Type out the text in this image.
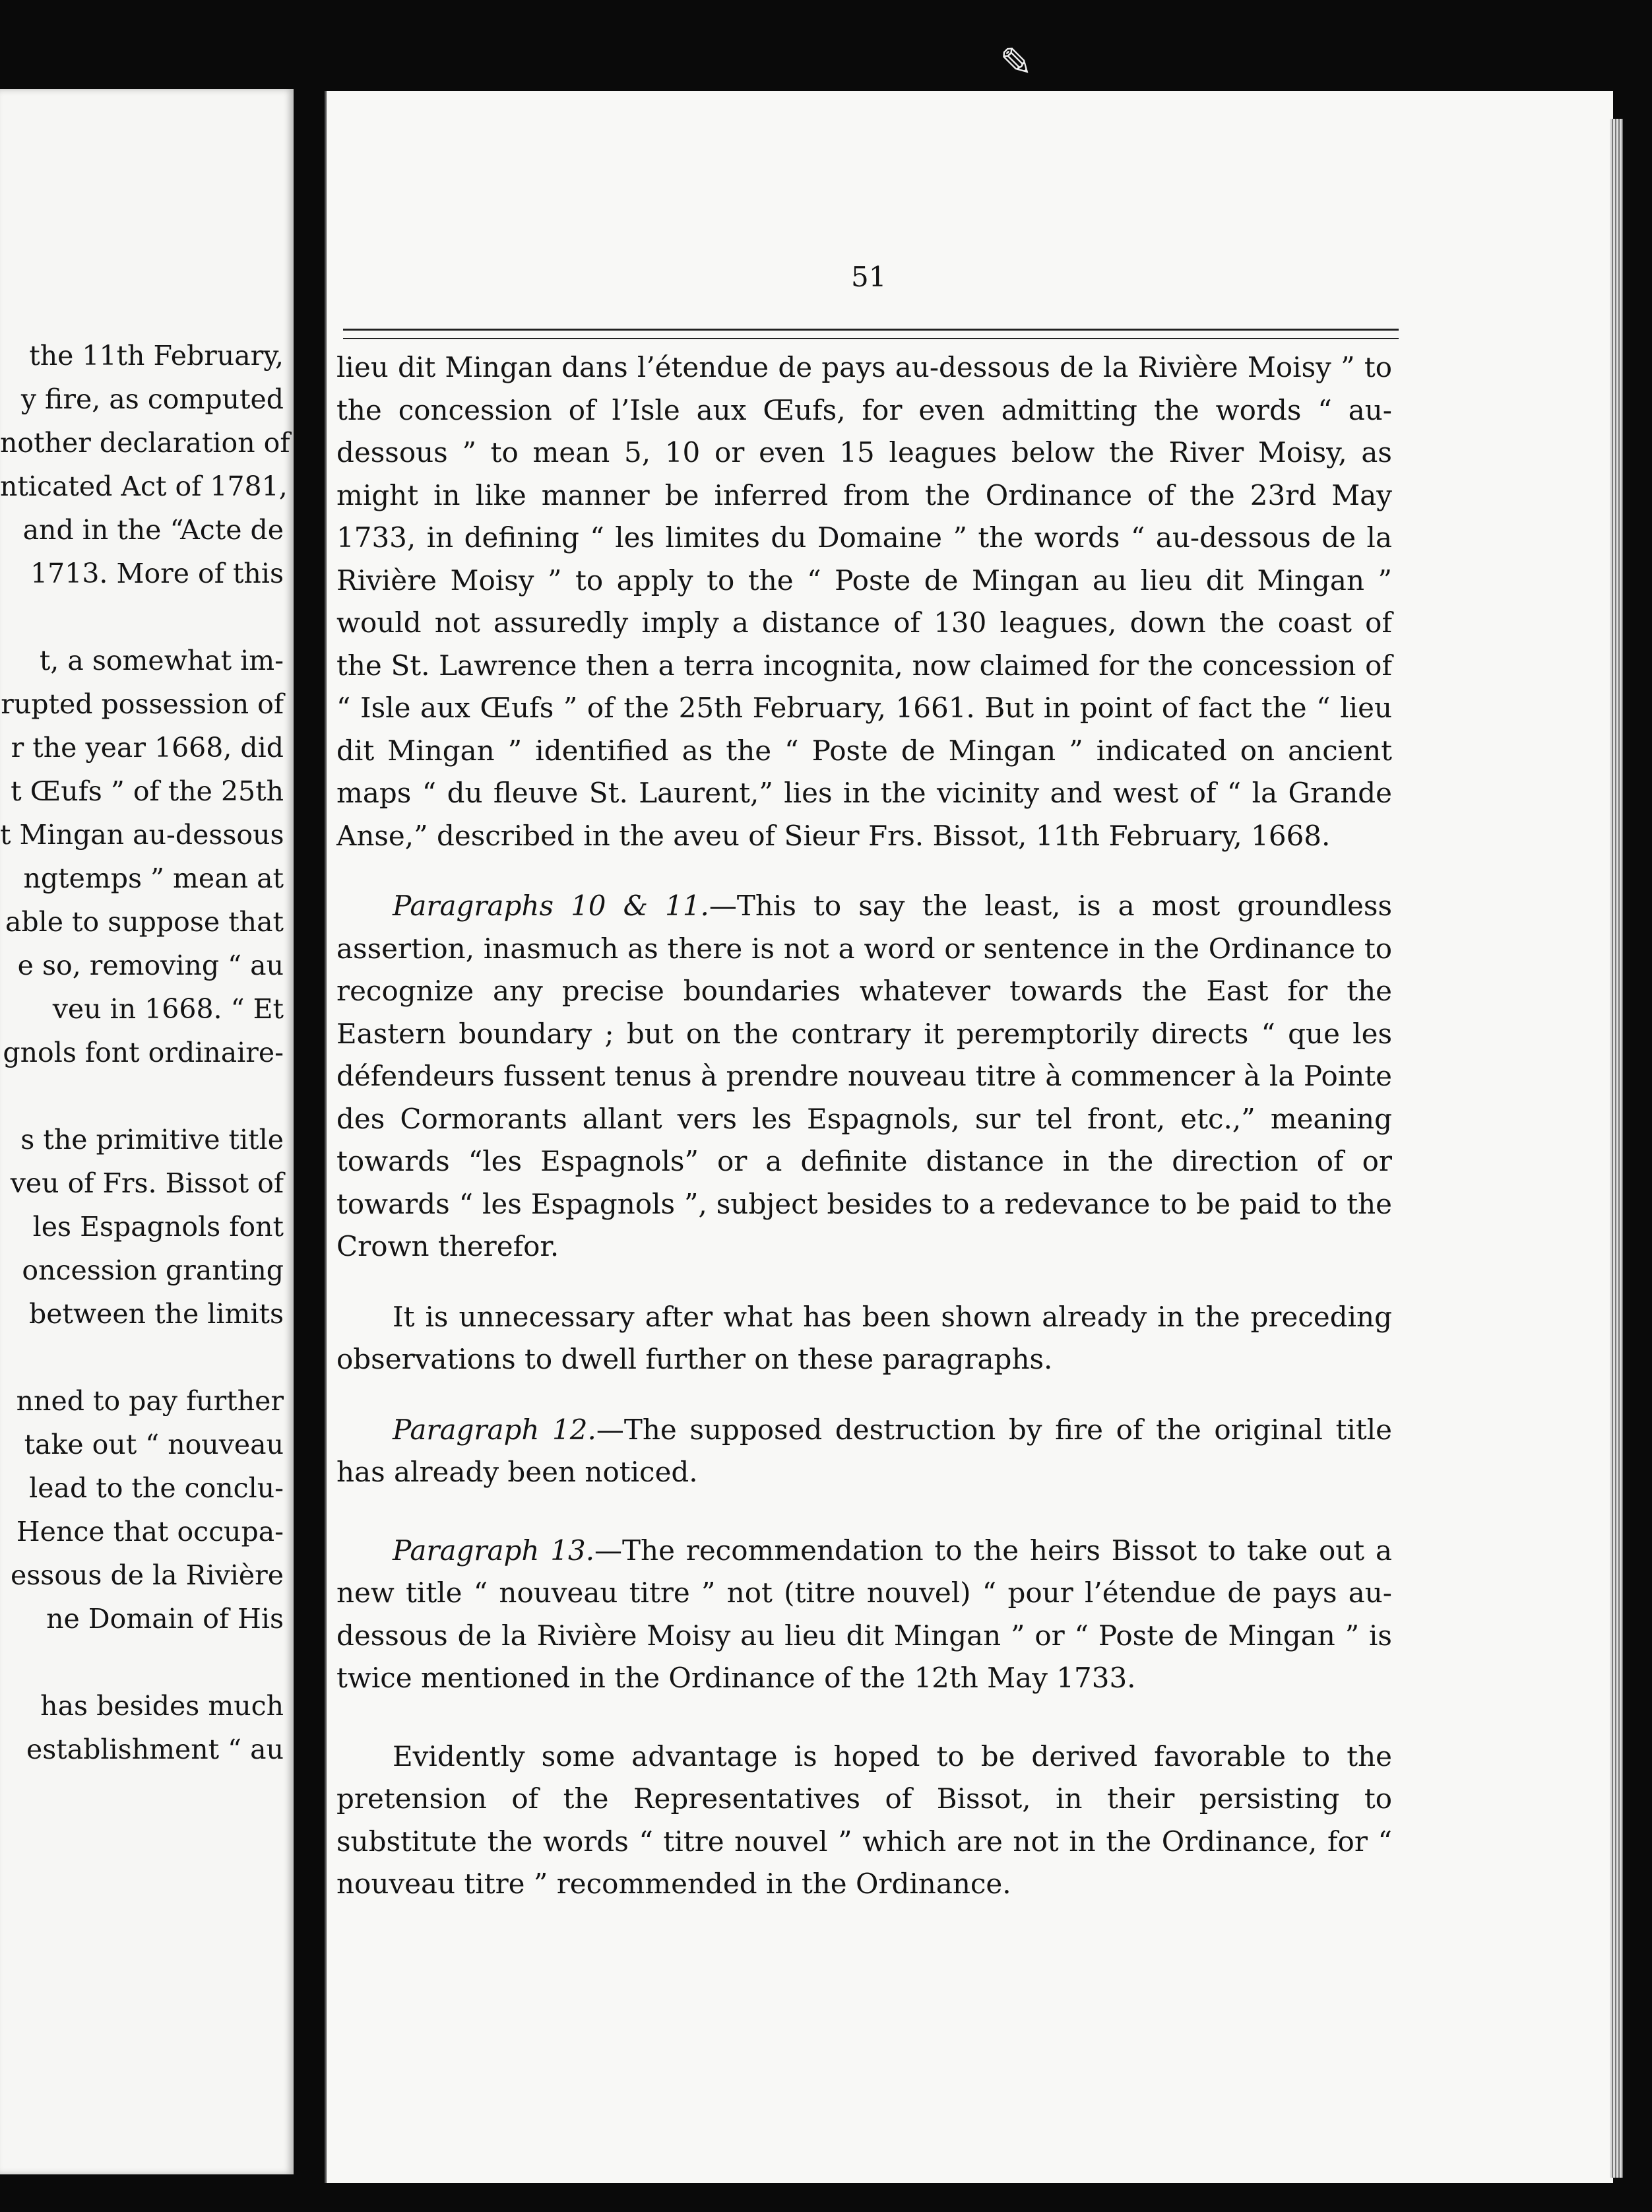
the 11th February,
y fire, as computed
nother declaration of
nticated Act of 1781,
and in the “Acte de
1713. More of this
t, a somewhat im-
rupted possession of
r the year 1668, did
t Œufs ” of the 25th
t Mingan au-dessous
ngtemps ” mean at
able to suppose that
e so, removing “ au
veu in 1668. “ Et
gnols font ordinaire-
s the primitive title
veu of Frs. Bissot of
les Espagnols font
oncession granting
between the limits
nned to pay further
take out “ nouveau
lead to the conclu-
Hence that occupa-
essous de la Rivière
ne Domain of His
has besides much
establishment “ au
✎
51

lieu dit Mingan dans l’étendue de pays au-dessous de la Rivière Moisy ” to the concession of l’Isle aux Œufs, for even admitting the words “ au-dessous ” to mean 5, 10 or even 15 leagues below the River Moisy, as might in like manner be inferred from the Ordinance of the 23rd May 1733, in defining “ les limites du Domaine ” the words “ au-dessous de la Rivière Moisy ” to apply to the “ Poste de Mingan au lieu dit Mingan ” would not assuredly imply a distance of 130 leagues, down the coast of the St. Lawrence then a terra incognita, now claimed for the concession of “ Isle aux Œufs ” of the 25th February, 1661. But in point of fact the “ lieu dit Mingan ” identified as the “ Poste de Mingan ” indicated on ancient maps “ du fleuve St. Laurent,” lies in the vicinity and west of “ la Grande Anse,” described in the aveu of Sieur Frs. Bissot, 11th February, 1668.

Paragraphs 10 & 11.—This to say the least, is a most groundless assertion, inasmuch as there is not a word or sentence in the Ordinance to recognize any precise boundaries whatever towards the East for the Eastern boundary ; but on the contrary it peremptorily directs “ que les défendeurs fussent tenus à prendre nouveau titre à commencer à la Pointe des Cormorants allant vers les Espagnols, sur tel front, etc.,” meaning towards “les Espagnols” or a definite distance in the direction of or towards “ les Espagnols ”, subject besides to a redevance to be paid to the Crown therefor.

It is unnecessary after what has been shown already in the preceding observations to dwell further on these paragraphs.

Paragraph 12.—The supposed destruction by fire of the original title has already been noticed.

Paragraph 13.—The recommendation to the heirs Bissot to take out a new title “ nouveau titre ” not (titre nouvel) “ pour l’étendue de pays au-dessous de la Rivière Moisy au lieu dit Mingan ” or “ Poste de Mingan ” is twice mentioned in the Ordinance of the 12th May 1733.

Evidently some advantage is hoped to be derived favorable to the pretension of the Representatives of Bissot, in their persisting to substitute the words “ titre nouvel ” which are not in the Ordinance, for “ nouveau titre ” recommended in the Ordinance.
